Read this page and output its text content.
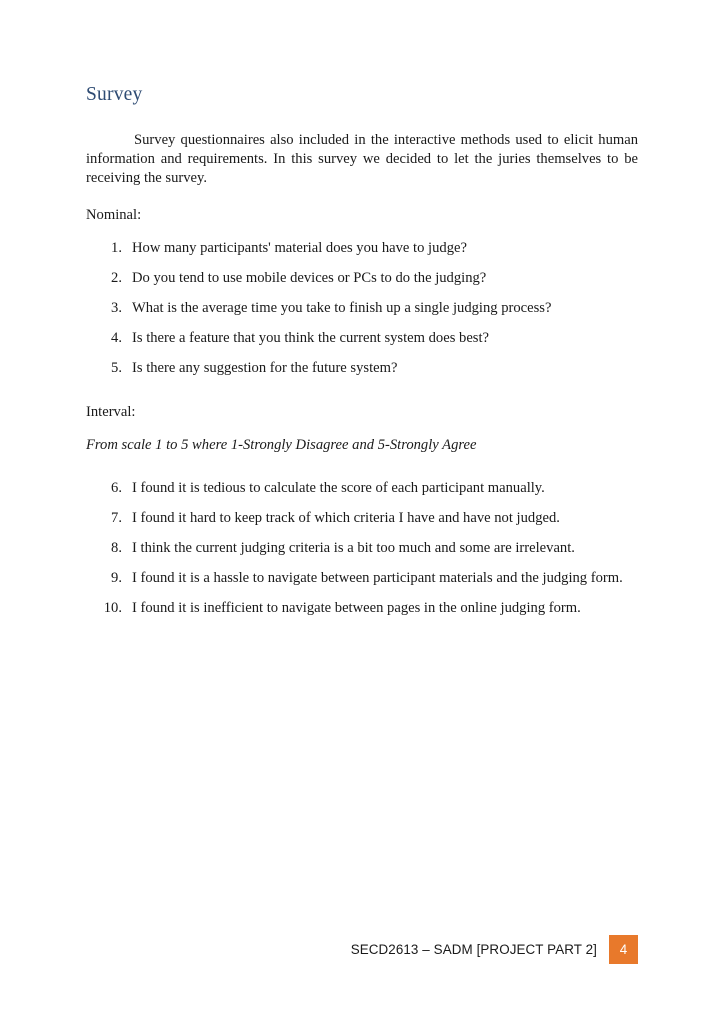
Survey

Survey questionnaires also included in the interactive methods used to elicit human information and requirements. In this survey we decided to let the juries themselves to be receiving the survey.

Nominal:

1. How many participants' material does you have to judge?
2. Do you tend to use mobile devices or PCs to do the judging?
3. What is the average time you take to finish up a single judging process?
4. Is there a feature that you think the current system does best?
5. Is there any suggestion for the future system?

Interval:

From scale 1 to 5 where 1-Strongly Disagree and 5-Strongly Agree

6. I found it is tedious to calculate the score of each participant manually.
7. I found it hard to keep track of which criteria I have and have not judged.
8. I think the current judging criteria is a bit too much and some are irrelevant.
9. I found it is a hassle to navigate between participant materials and the judging form.
10. I found it is inefficient to navigate between pages in the online judging form.
SECD2613 – SADM [PROJECT PART 2]	4
